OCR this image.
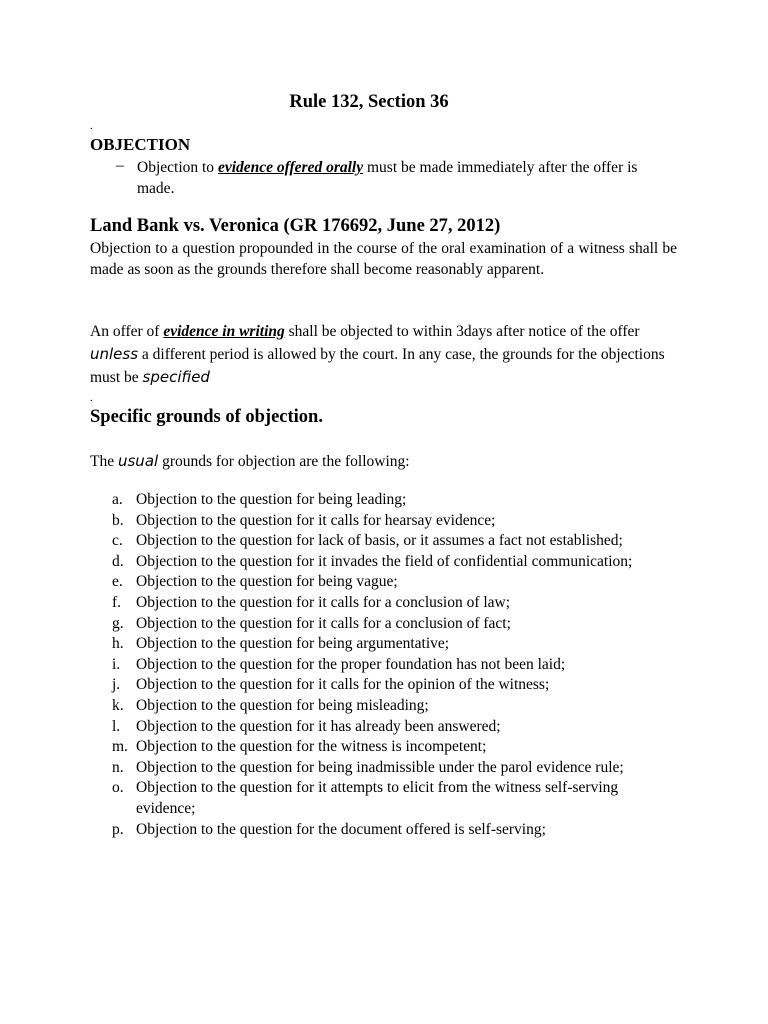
Rule 132, Section 36
.
OBJECTION
– Objection to evidence offered orally must be made immediately after the offer is made.
Land Bank vs. Veronica (GR 176692, June 27, 2012)
Objection to a question propounded in the course of the oral examination of a witness shall be made as soon as the grounds therefore shall become reasonably apparent.
An offer of evidence in writing shall be objected to within 3days after notice of the offer unless a different period is allowed by the court. In any case, the grounds for the objections must be specified
.
Specific grounds of objection.
The usual grounds for objection are the following:
a. Objection to the question for being leading;
b. Objection to the question for it calls for hearsay evidence;
c. Objection to the question for lack of basis, or it assumes a fact not established;
d. Objection to the question for it invades the field of confidential communication;
e. Objection to the question for being vague;
f. Objection to the question for it calls for a conclusion of law;
g. Objection to the question for it calls for a conclusion of fact;
h. Objection to the question for being argumentative;
i. Objection to the question for the proper foundation has not been laid;
j. Objection to the question for it calls for the opinion of the witness;
k. Objection to the question for being misleading;
l. Objection to the question for it has already been answered;
m. Objection to the question for the witness is incompetent;
n. Objection to the question for being inadmissible under the parol evidence rule;
o. Objection to the question for it attempts to elicit from the witness self-serving evidence;
p. Objection to the question for the document offered is self-serving;
